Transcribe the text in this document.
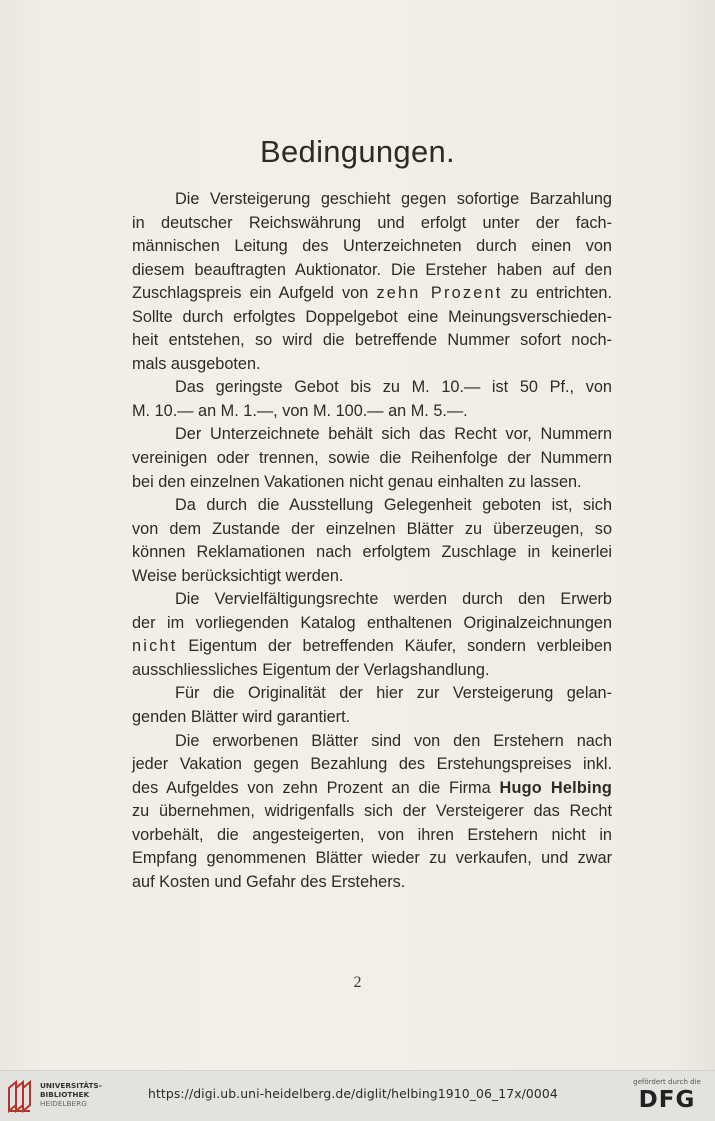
Bedingungen.
Die Versteigerung geschieht gegen sofortige Barzahlung
in deutscher Reichswährung und erfolgt unter der fach-
männischen Leitung des Unterzeichneten durch einen von
diesem beauftragten Auktionator. Die Ersteher haben auf den
Zuschlagspreis ein Aufgeld von zehn Prozent zu entrichten.
Sollte durch erfolgtes Doppelgebot eine Meinungsverschieden-
heit entstehen, so wird die betreffende Nummer sofort noch-
mals ausgeboten.
Das geringste Gebot bis zu M. 10.— ist 50 Pf., von
M. 10.— an M. 1.—, von M. 100.— an M. 5.—.
Der Unterzeichnete behält sich das Recht vor, Nummern
vereinigen oder trennen, sowie die Reihenfolge der Nummern
bei den einzelnen Vakationen nicht genau einhalten zu lassen.
Da durch die Ausstellung Gelegenheit geboten ist, sich
von dem Zustande der einzelnen Blätter zu überzeugen, so
können Reklamationen nach erfolgtem Zuschlage in keinerlei
Weise berücksichtigt werden.
Die Vervielfältigungsrechte werden durch den Erwerb
der im vorliegenden Katalog enthaltenen Originalzeichnungen
nicht Eigentum der betreffenden Käufer, sondern verbleiben
ausschliessliches Eigentum der Verlagshandlung.
Für die Originalität der hier zur Versteigerung gelan-
genden Blätter wird garantiert.
Die erworbenen Blätter sind von den Erstehern nach
jeder Vakation gegen Bezahlung des Erstehungspreises inkl.
des Aufgeldes von zehn Prozent an die Firma Hugo Helbing
zu übernehmen, widrigenfalls sich der Versteigerer das Recht
vorbehält, die angesteigerten, von ihren Erstehern nicht in
Empfang genommenen Blätter wieder zu verkaufen, und zwar
auf Kosten und Gefahr des Erstehers.
2
UNIVERSITÄTS-
BIBLIOTHEK
HEIDELBERG
https://digi.ub.uni-heidelberg.de/diglit/helbing1910_06_17x/0004
gefördert durch die
DFG
